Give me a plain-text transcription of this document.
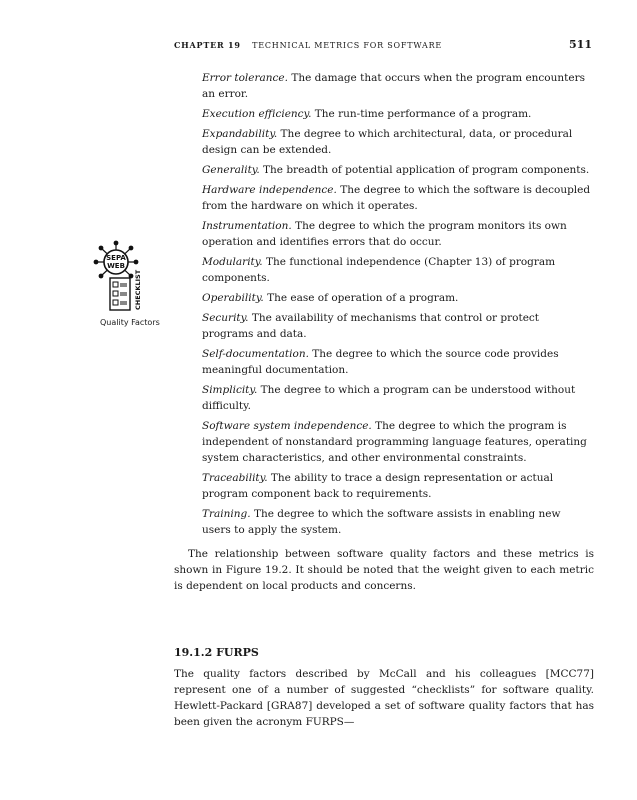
CHAPTER 19 TECHNICAL METRICS FOR SOFTWARE	511
Error tolerance. The damage that occurs when the program encounters an error.
Execution efficiency. The run-time performance of a program.
Expandability. The degree to which architectural, data, or procedural design can be extended.
Generality. The breadth of potential application of program components.
Hardware independence. The degree to which the software is decoupled from the hardware on which it operates.
Instrumentation. The degree to which the program monitors its own operation and identifies errors that do occur.
Modularity. The functional independence (Chapter 13) of program components.
Operability. The ease of operation of a program.
Security. The availability of mechanisms that control or protect programs and data.
Self-documentation. The degree to which the source code provides meaningful documentation.
Simplicity. The degree to which a program can be understood without difficulty.
Software system independence. The degree to which the program is independent of nonstandard programming language features, operating system characteristics, and other environmental constraints.
Traceability. The ability to trace a design representation or actual program component back to requirements.
Training. The degree to which the software assists in enabling new users to apply the system.
SEPA
WEB
CHECKLIST
Quality Factors

The relationship between software quality factors and these metrics is shown in Figure 19.2. It should be noted that the weight given to each metric is dependent on local products and concerns.

19.1.2 FURPS

The quality factors described by McCall and his colleagues [MCC77] represent one of a number of suggested “checklists” for software quality. Hewlett-Packard [GRA87] developed a set of software quality factors that has been given the acronym FURPS—
